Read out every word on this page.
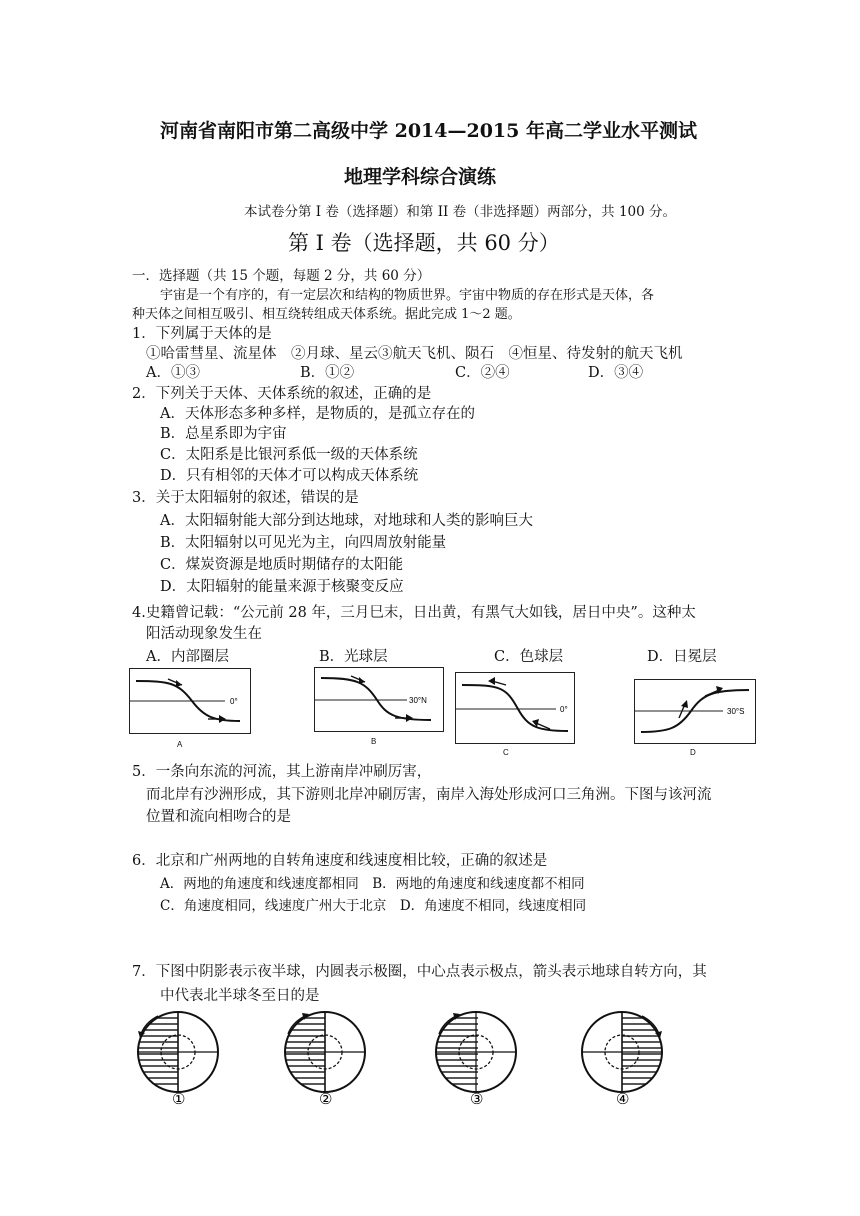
河南省南阳市第二高级中学 2014—2015 年高二学业水平测试
地理学科综合演练
本试卷分第 I 卷（选择题）和第 II 卷（非选择题）两部分，共 100 分。
第 I 卷（选择题，共 60 分）
一．选择题（共 15 个题，每题 2 分，共 60 分）
宇宙是一个有序的，有一定层次和结构的物质世界。宇宙中物质的存在形式是天体，各
种天体之间相互吸引、相互绕转组成天体系统。据此完成 1～2 题。
1．下列属于天体的是
①哈雷彗星、流星体　②月球、星云③航天飞机、陨石　④恒星、待发射的航天飞机
A．①③	B．①②	C．②④	D．③④
2．下列关于天体、天体系统的叙述，正确的是
A．天体形态多种多样，是物质的，是孤立存在的
B．总星系即为宇宙
C．太阳系是比银河系低一级的天体系统
D．只有相邻的天体才可以构成天体系统
3．关于太阳辐射的叙述，错误的是
A．太阳辐射能大部分到达地球，对地球和人类的影响巨大
B．太阳辐射以可见光为主，向四周放射能量
C．煤炭资源是地质时期储存的太阳能
D．太阳辐射的能量来源于核聚变反应
4.史籍曾记载：“公元前 28 年，三月巳末，日出黄，有黑气大如钱，居日中央”。这种太
阳活动现象发生在
A．内部圈层	B．光球层	C．色球层	D．日冕层
0°
A
30°N
B
0°
C
30°S
D
5．一条向东流的河流，其上游南岸冲刷厉害，
而北岸有沙洲形成，其下游则北岸冲刷厉害，南岸入海处形成河口三角洲。下图与该河流
位置和流向相吻合的是
6．北京和广州两地的自转角速度和线速度相比较，正确的叙述是
A．两地的角速度和线速度都相同　B．两地的角速度和线速度都不相同
C．角速度相同，线速度广州大于北京　D．角速度不相同，线速度相同
7．下图中阴影表示夜半球，内圆表示极圈，中心点表示极点，箭头表示地球自转方向，其
中代表北半球冬至日的是
①	②	③	④
